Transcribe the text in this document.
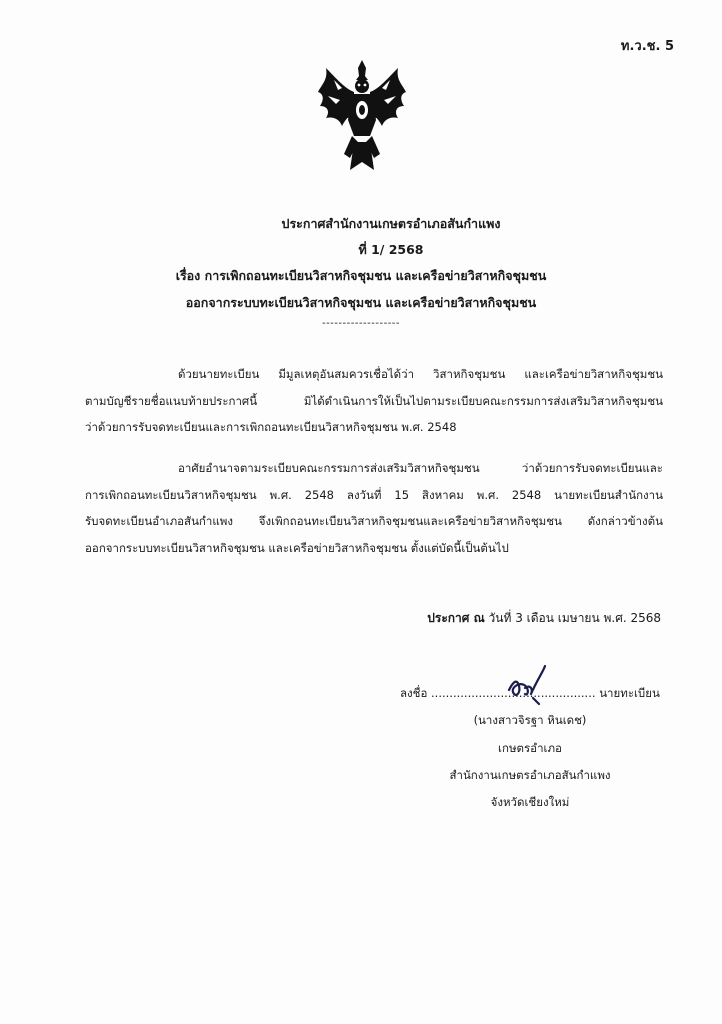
ท.ว.ช. 5
ประกาศสำนักงานเกษตรอำเภอสันกำแพง
ที่ 1/ 2568
เรื่อง การเพิกถอนทะเบียนวิสาหกิจชุมชน และเครือข่ายวิสาหกิจชุมชน
ออกจากระบบทะเบียนวิสาหกิจชุมชน และเครือข่ายวิสาหกิจชุมชน
-------------------
ด้วยนายทะเบียน มีมูลเหตุอันสมควรเชื่อได้ว่า วิสาหกิจชุมชน และเครือข่ายวิสาหกิจชุมชน
ตามบัญชีรายชื่อแนบท้ายประกาศนี้ มิได้ดำเนินการให้เป็นไปตามระเบียบคณะกรรมการส่งเสริมวิสาหกิจชุมชน
ว่าด้วยการรับจดทะเบียนและการเพิกถอนทะเบียนวิสาหกิจชุมชน พ.ศ. 2548
อาศัยอำนาจตามระเบียบคณะกรรมการส่งเสริมวิสาหกิจชุมชน ว่าด้วยการรับจดทะเบียนและ
การเพิกถอนทะเบียนวิสาหกิจชุมชน พ.ศ. 2548 ลงวันที่ 15 สิงหาคม พ.ศ. 2548 นายทะเบียนสำนักงาน
รับจดทะเบียนอำเภอสันกำแพง จึงเพิกถอนทะเบียนวิสาหกิจชุมชนและเครือข่ายวิสาหกิจชุมชน ดังกล่าวข้างต้น
ออกจากระบบทะเบียนวิสาหกิจชุมชน และเครือข่ายวิสาหกิจชุมชน ตั้งแต่บัดนี้เป็นต้นไป
ประกาศ ณ วันที่ 3 เดือน เมษายน พ.ศ. 2568
ลงชื่อ ............................................. นายทะเบียน
(นางสาวจิรฐา หินเดช)
เกษตรอำเภอ
สำนักงานเกษตรอำเภอสันกำแพง
จังหวัดเชียงใหม่
